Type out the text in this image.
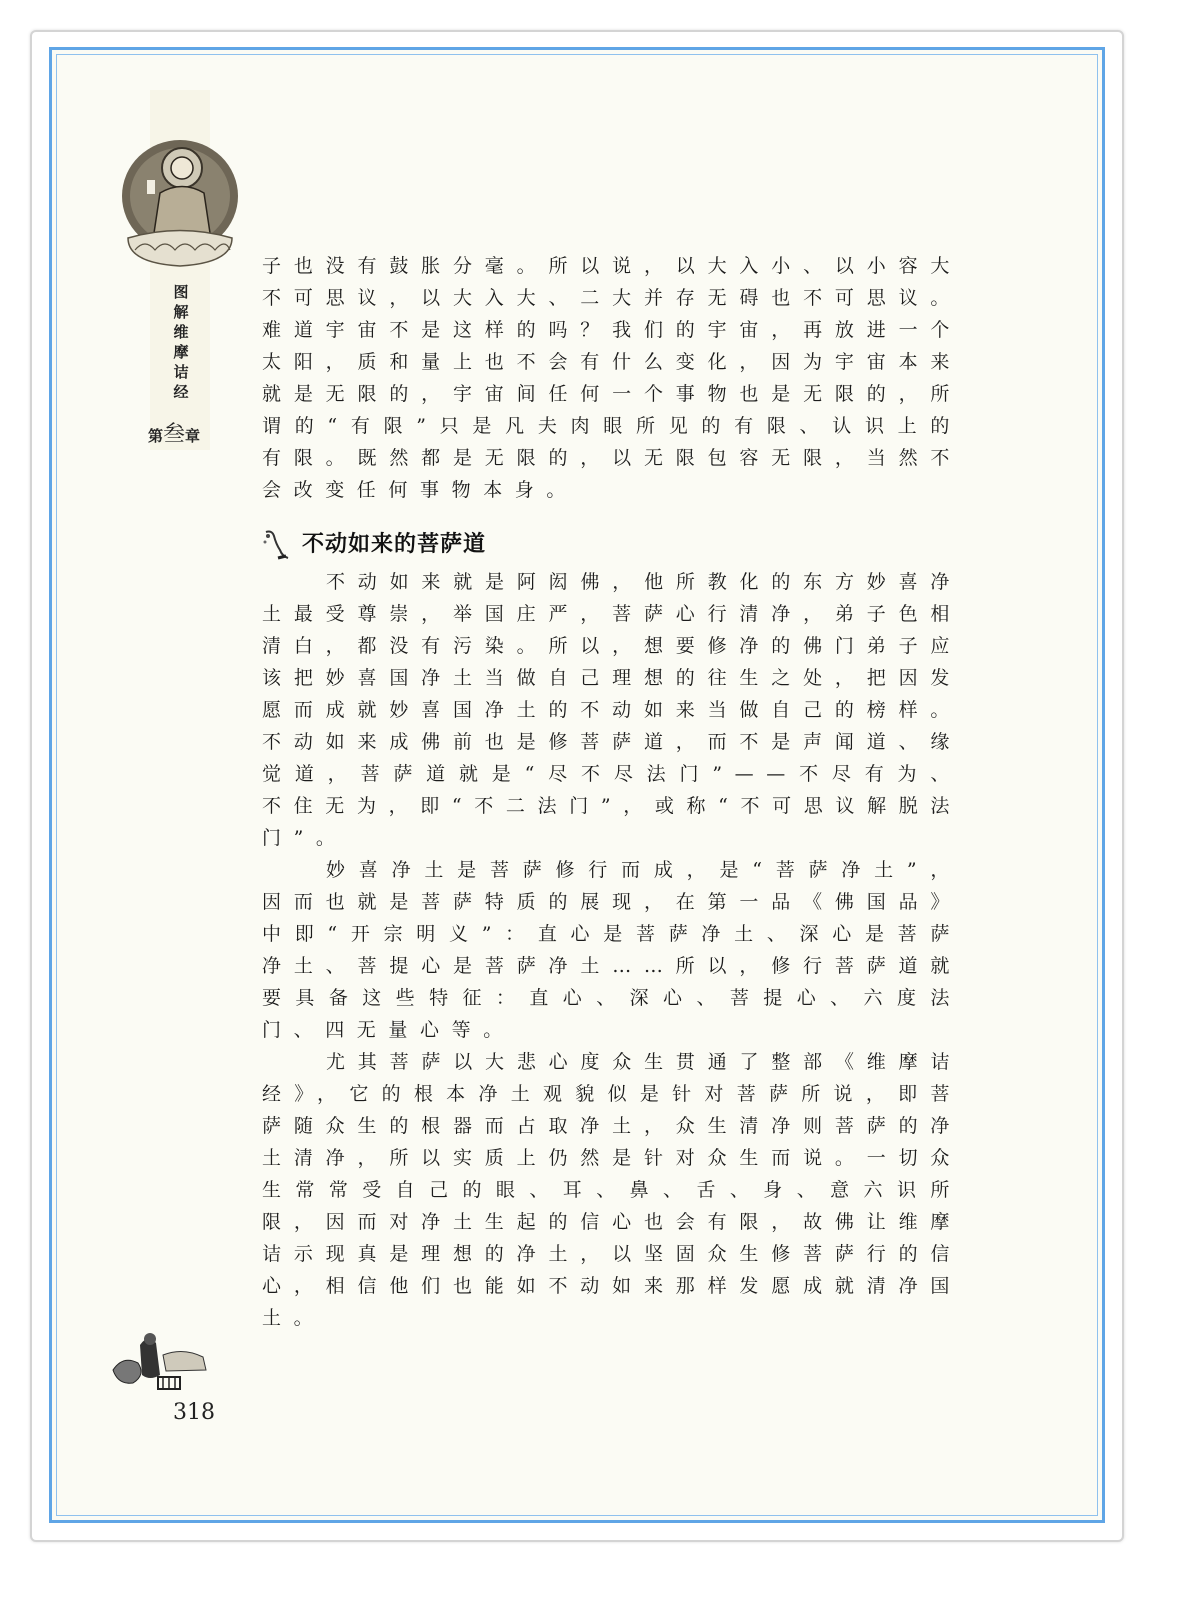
图
解
维
摩
诘
经
第叁章

子也没有鼓胀分毫。所以说，以大入小、以小容大不可思议，以大入大、二大并存无碍也不可思议。难道宇宙不是这样的吗？我们的宇宙，再放进一个太阳，质和量上也不会有什么变化，因为宇宙本来就是无限的，宇宙间任何一个事物也是无限的，所谓的“有限”只是凡夫肉眼所见的有限、认识上的有限。既然都是无限的，以无限包容无限，当然不会改变任何事物本身。

不动如来的菩萨道

不动如来就是阿闳佛，他所教化的东方妙喜净土最受尊崇，举国庄严，菩萨心行清净，弟子色相清白，都没有污染。所以，想要修净的佛门弟子应该把妙喜国净土当做自己理想的往生之处，把因发愿而成就妙喜国净土的不动如来当做自己的榜样。不动如来成佛前也是修菩萨道，而不是声闻道、缘觉道，菩萨道就是“尽不尽法门”——不尽有为、不住无为，即“不二法门”，或称“不可思议解脱法门”。

妙喜净土是菩萨修行而成，是“菩萨净土”，因而也就是菩萨特质的展现，在第一品《佛国品》中即“开宗明义”：直心是菩萨净土、深心是菩萨净土、菩提心是菩萨净土……所以，修行菩萨道就要具备这些特征：直心、深心、菩提心、六度法门、四无量心等。

尤其菩萨以大悲心度众生贯通了整部《维摩诘经》，它的根本净土观貌似是针对菩萨所说，即菩萨随众生的根器而占取净土，众生清净则菩萨的净土清净，所以实质上仍然是针对众生而说。一切众生常常受自己的眼、耳、鼻、舌、身、意六识所限，因而对净土生起的信心也会有限，故佛让维摩诘示现真是理想的净土，以坚固众生修菩萨行的信心，相信他们也能如不动如来那样发愿成就清净国土。

318
